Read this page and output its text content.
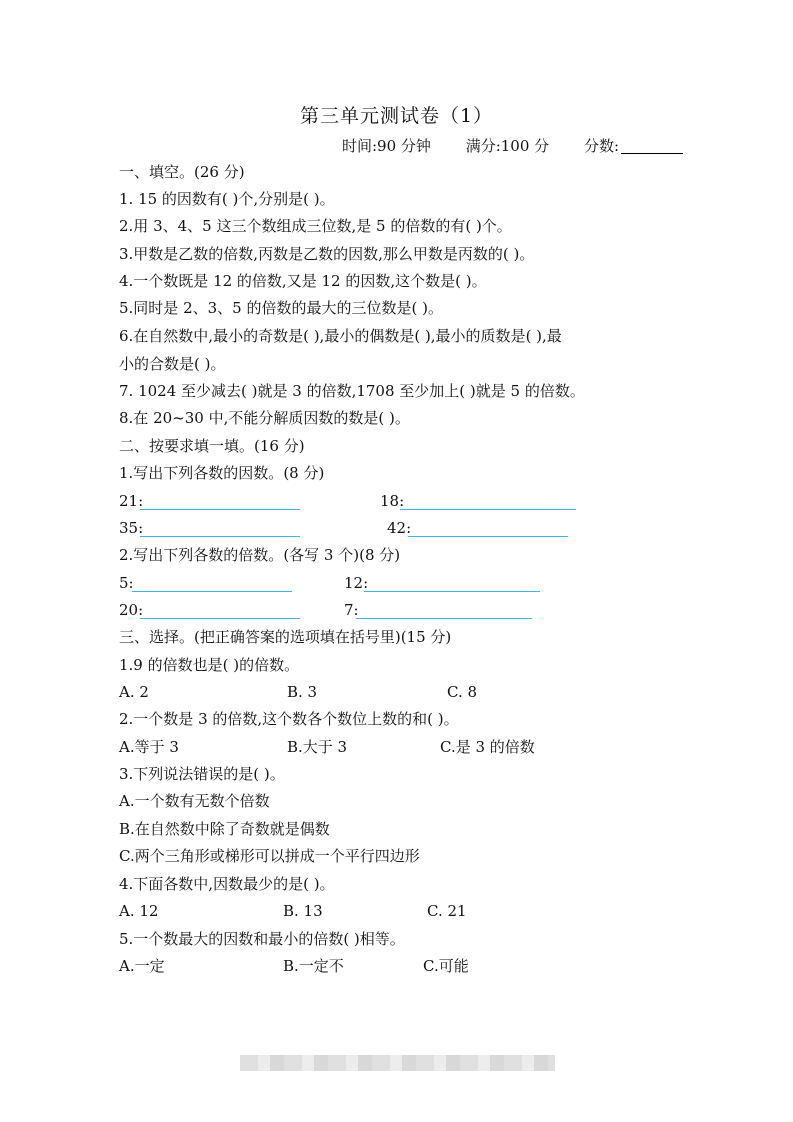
第三单元测试卷（1）
时间:90 分钟 满分:100 分 分数:
一、填空。(26 分)
1. 15 的因数有( )个,分别是( )。
2.用 3、4、5 这三个数组成三位数,是 5 的倍数的有( )个。
3.甲数是乙数的倍数,丙数是乙数的因数,那么甲数是丙数的( )。
4.一个数既是 12 的倍数,又是 12 的因数,这个数是( )。
5.同时是 2、3、5 的倍数的最大的三位数是( )。
6.在自然数中,最小的奇数是( ),最小的偶数是( ),最小的质数是( ),最
小的合数是( )。
7. 1024 至少减去( )就是 3 的倍数,1708 至少加上( )就是 5 的倍数。
8.在 20~30 中,不能分解质因数的数是( )。
二、按要求填一填。(16 分)
1.写出下列各数的因数。(8 分)
21:	18:
35:	42:
2.写出下列各数的倍数。(各写 3 个)(8 分)
5:	12:
20:	7:
三、选择。(把正确答案的选项填在括号里)(15 分)
1.9 的倍数也是( )的倍数。
A. 2	B. 3	C. 8
2.一个数是 3 的倍数,这个数各个数位上数的和( )。
A.等于 3	B.大于 3	C.是 3 的倍数
3.下列说法错误的是( )。
A.一个数有无数个倍数
B.在自然数中除了奇数就是偶数
C.两个三角形或梯形可以拼成一个平行四边形
4.下面各数中,因数最少的是( )。
A. 12	B. 13	C. 21
5.一个数最大的因数和最小的倍数( )相等。
A.一定	B.一定不	C.可能
